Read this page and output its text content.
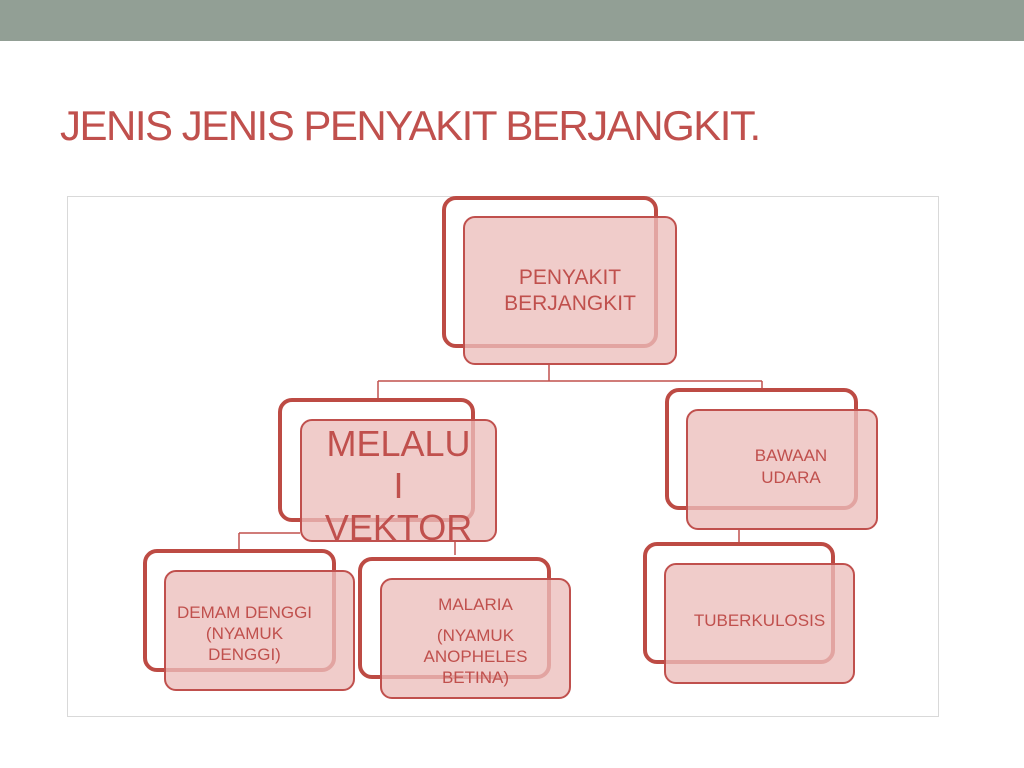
JENIS JENIS PENYAKIT BERJANGKIT.
PENYAKIT
BERJANGKIT
MELALU
I
VEKTOR
BAWAAN
UDARA
DEMAM DENGGI
(NYAMUK
DENGGI)
MALARIA
(NYAMUK
ANOPHELES
BETINA)
TUBERKULOSIS
